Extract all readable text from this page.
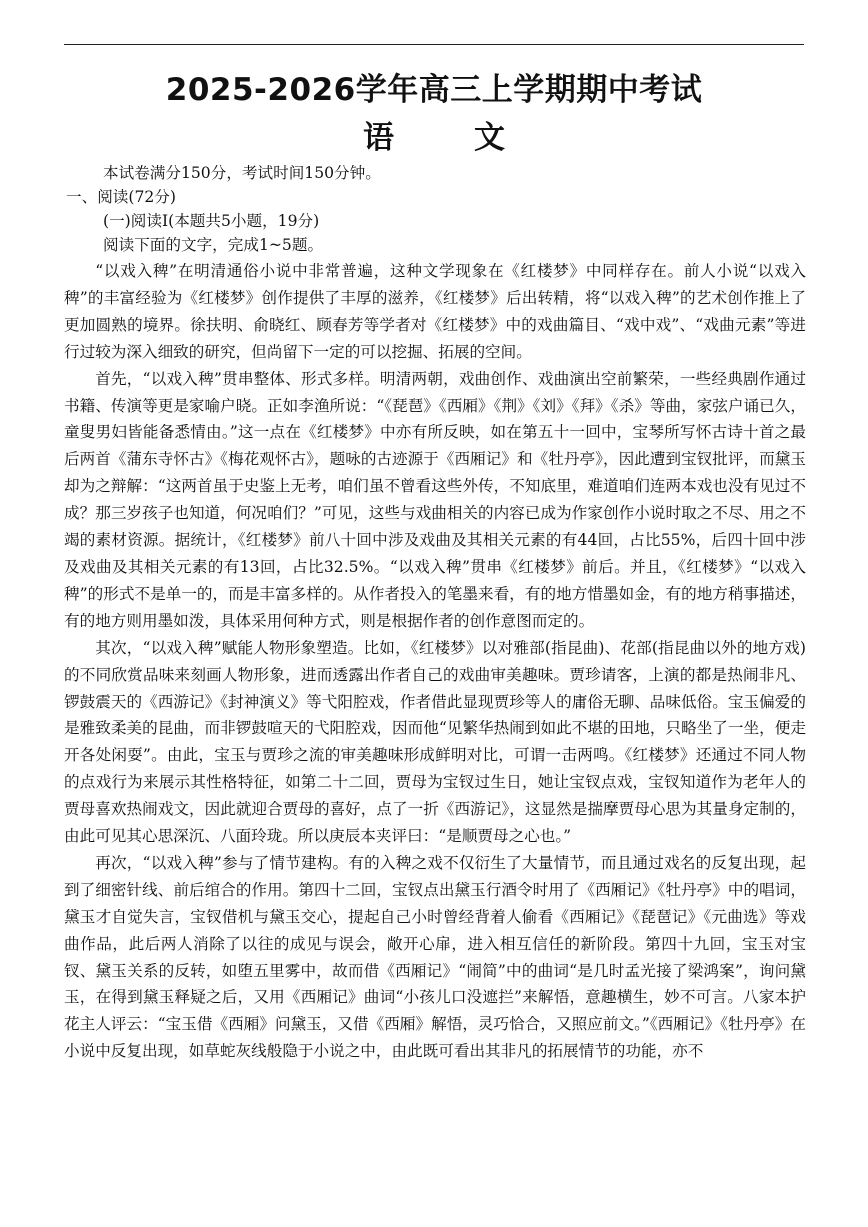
2025-2026学年高三上学期期中考试
语	文
本试卷满分150分，考试时间150分钟。
一、阅读(72分)
(一)阅读Ⅰ(本题共5小题，19分)
阅读下面的文字，完成1~5题。

“以戏入稗”在明清通俗小说中非常普遍，这种文学现象在《红楼梦》中同样存在。前人小说“以戏入稗”的丰富经验为《红楼梦》创作提供了丰厚的滋养，《红楼梦》后出转精，将“以戏入稗”的艺术创作推上了更加圆熟的境界。徐扶明、俞晓红、顾春芳等学者对《红楼梦》中的戏曲篇目、“戏中戏”、“戏曲元素”等进行过较为深入细致的研究，但尚留下一定的可以挖掘、拓展的空间。

首先，“以戏入稗”贯串整体、形式多样。明清两朝，戏曲创作、戏曲演出空前繁荣，一些经典剧作通过书籍、传演等更是家喻户晓。正如李渔所说：“《琵琶》《西厢》《荆》《刘》《拜》《杀》等曲，家弦户诵已久，童叟男妇皆能备悉情由。”这一点在《红楼梦》中亦有所反映，如在第五十一回中，宝琴所写怀古诗十首之最后两首《蒲东寺怀古》《梅花观怀古》，题咏的古迹源于《西厢记》和《牡丹亭》，因此遭到宝钗批评，而黛玉却为之辩解：“这两首虽于史鉴上无考，咱们虽不曾看这些外传，不知底里，难道咱们连两本戏也没有见过不成？那三岁孩子也知道，何况咱们？”可见，这些与戏曲相关的内容已成为作家创作小说时取之不尽、用之不竭的素材资源。据统计，《红楼梦》前八十回中涉及戏曲及其相关元素的有44回，占比55%，后四十回中涉及戏曲及其相关元素的有13回，占比32.5%。“以戏入稗”贯串《红楼梦》前后。并且，《红楼梦》“以戏入稗”的形式不是单一的，而是丰富多样的。从作者投入的笔墨来看，有的地方惜墨如金，有的地方稍事描述，有的地方则用墨如泼，具体采用何种方式，则是根据作者的创作意图而定的。

其次，“以戏入稗”赋能人物形象塑造。比如，《红楼梦》以对雅部(指昆曲)、花部(指昆曲以外的地方戏)的不同欣赏品味来刻画人物形象，进而透露出作者自己的戏曲审美趣味。贾珍请客，上演的都是热闹非凡、锣鼓震天的《西游记》《封神演义》等弋阳腔戏，作者借此显现贾珍等人的庸俗无聊、品味低俗。宝玉偏爱的是雅致柔美的昆曲，而非锣鼓喧天的弋阳腔戏，因而他“见繁华热闹到如此不堪的田地，只略坐了一坐，便走开各处闲耍”。由此，宝玉与贾珍之流的审美趣味形成鲜明对比，可谓一击两鸣。《红楼梦》还通过不同人物的点戏行为来展示其性格特征，如第二十二回，贾母为宝钗过生日，她让宝钗点戏，宝钗知道作为老年人的贾母喜欢热闹戏文，因此就迎合贾母的喜好，点了一折《西游记》，这显然是揣摩贾母心思为其量身定制的，由此可见其心思深沉、八面玲珑。所以庚辰本夹评曰：“是顺贾母之心也。”

再次，“以戏入稗”参与了情节建构。有的入稗之戏不仅衍生了大量情节，而且通过戏名的反复出现，起到了细密针线、前后绾合的作用。第四十二回，宝钗点出黛玉行酒令时用了《西厢记》《牡丹亭》中的唱词，黛玉才自觉失言，宝钗借机与黛玉交心，提起自己小时曾经背着人偷看《西厢记》《琵琶记》《元曲选》等戏曲作品，此后两人消除了以往的成见与误会，敞开心扉，进入相互信任的新阶段。第四十九回，宝玉对宝钗、黛玉关系的反转，如堕五里雾中，故而借《西厢记》“闹简”中的曲词“是几时孟光接了梁鸿案”，询问黛玉，在得到黛玉释疑之后，又用《西厢记》曲词“小孩儿口没遮拦”来解悟，意趣横生，妙不可言。八家本护花主人评云：“宝玉借《西厢》问黛玉，又借《西厢》解悟，灵巧恰合，又照应前文。”《西厢记》《牡丹亭》在小说中反复出现，如草蛇灰线般隐于小说之中，由此既可看出其非凡的拓展情节的功能，亦不
